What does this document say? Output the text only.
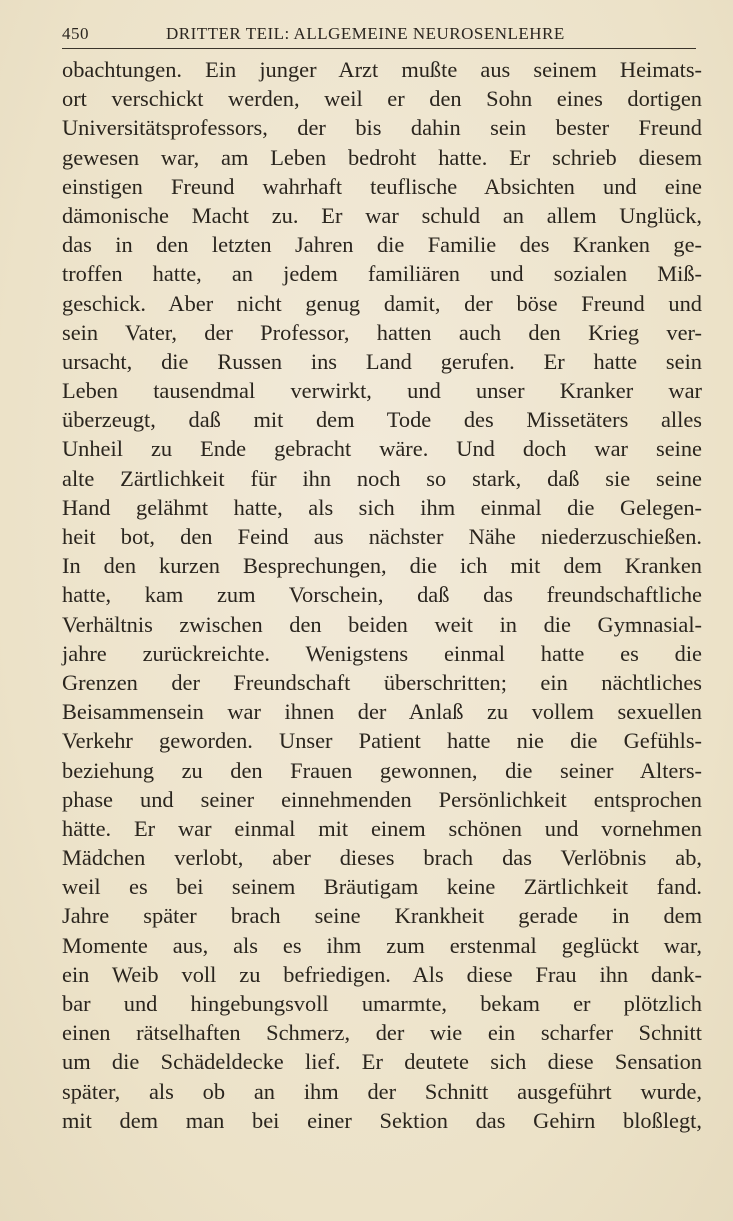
450	DRITTER TEIL: ALLGEMEINE NEUROSENLEHRE
obachtungen. Ein junger Arzt mußte aus seinem Heimats-
ort verschickt werden, weil er den Sohn eines dortigen
Universitätsprofessors, der bis dahin sein bester Freund
gewesen war, am Leben bedroht hatte. Er schrieb diesem
einstigen Freund wahrhaft teuflische Absichten und eine
dämonische Macht zu. Er war schuld an allem Unglück,
das in den letzten Jahren die Familie des Kranken ge-
troffen hatte, an jedem familiären und sozialen Miß-
geschick. Aber nicht genug damit, der böse Freund und
sein Vater, der Professor, hatten auch den Krieg ver-
ursacht, die Russen ins Land gerufen. Er hatte sein
Leben tausendmal verwirkt, und unser Kranker war
überzeugt, daß mit dem Tode des Missetäters alles
Unheil zu Ende gebracht wäre. Und doch war seine
alte Zärtlichkeit für ihn noch so stark, daß sie seine
Hand gelähmt hatte, als sich ihm einmal die Gelegen-
heit bot, den Feind aus nächster Nähe niederzuschießen.
In den kurzen Besprechungen, die ich mit dem Kranken
hatte, kam zum Vorschein, daß das freundschaftliche
Verhältnis zwischen den beiden weit in die Gymnasial-
jahre zurückreichte. Wenigstens einmal hatte es die
Grenzen der Freundschaft überschritten; ein nächtliches
Beisammensein war ihnen der Anlaß zu vollem sexuellen
Verkehr geworden. Unser Patient hatte nie die Gefühls-
beziehung zu den Frauen gewonnen, die seiner Alters-
phase und seiner einnehmenden Persönlichkeit entsprochen
hätte. Er war einmal mit einem schönen und vornehmen
Mädchen verlobt, aber dieses brach das Verlöbnis ab,
weil es bei seinem Bräutigam keine Zärtlichkeit fand.
Jahre später brach seine Krankheit gerade in dem
Momente aus, als es ihm zum erstenmal geglückt war,
ein Weib voll zu befriedigen. Als diese Frau ihn dank-
bar und hingebungsvoll umarmte, bekam er plötzlich
einen rätselhaften Schmerz, der wie ein scharfer Schnitt
um die Schädeldecke lief. Er deutete sich diese Sensation
später, als ob an ihm der Schnitt ausgeführt wurde,
mit dem man bei einer Sektion das Gehirn bloßlegt,
